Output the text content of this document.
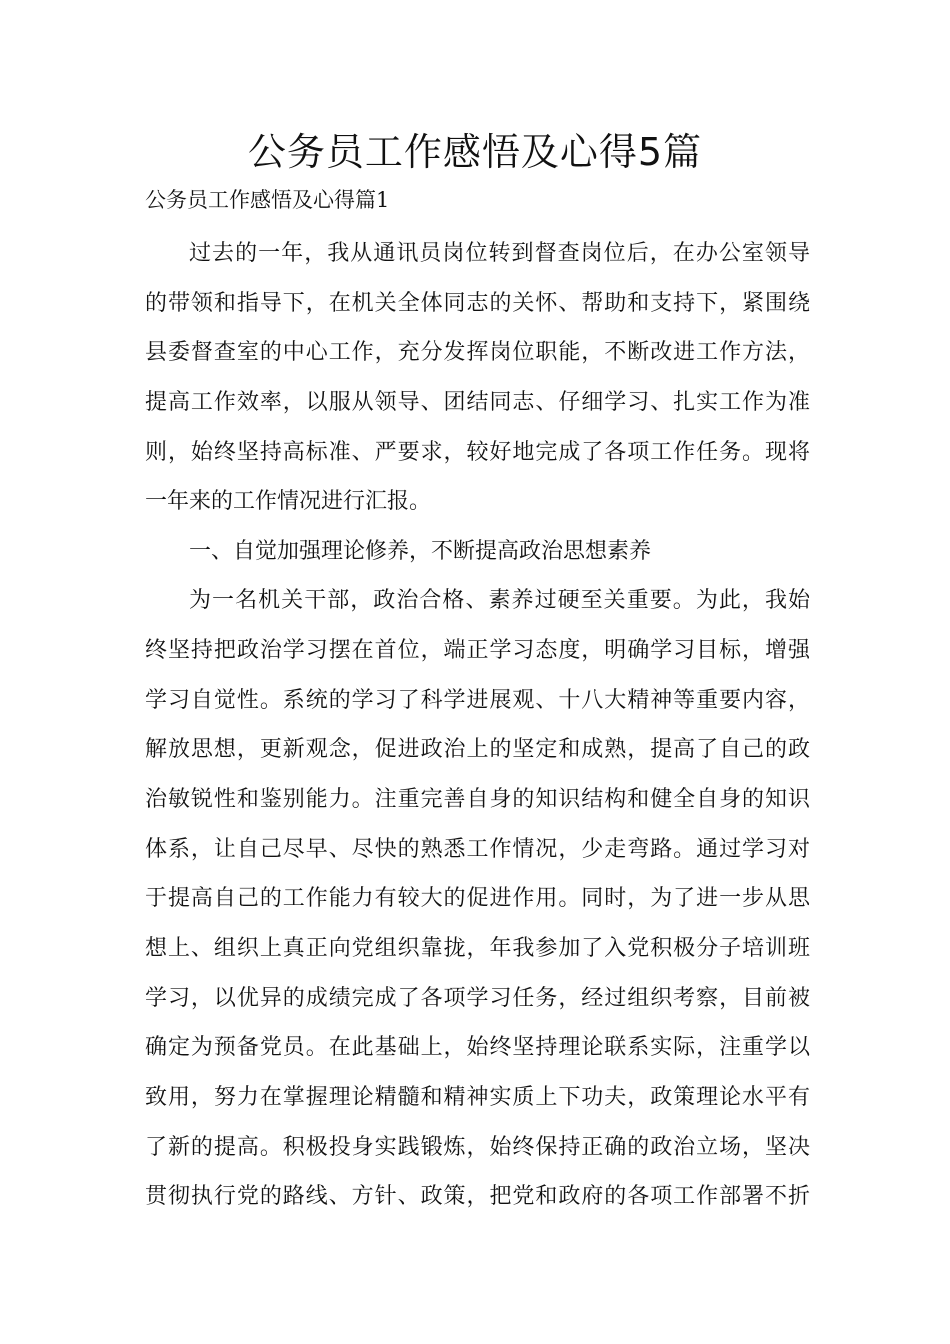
公务员工作感悟及心得5篇

公务员工作感悟及心得篇1

过去的一年，我从通讯员岗位转到督查岗位后，在办公室领导
的带领和指导下，在机关全体同志的关怀、帮助和支持下，紧围绕
县委督查室的中心工作，充分发挥岗位职能，不断改进工作方法，
提高工作效率，以服从领导、团结同志、仔细学习、扎实工作为准
则，始终坚持高标准、严要求，较好地完成了各项工作任务。现将
一年来的工作情况进行汇报。
一、自觉加强理论修养，不断提高政治思想素养
为一名机关干部，政治合格、素养过硬至关重要。为此，我始
终坚持把政治学习摆在首位，端正学习态度，明确学习目标，增强
学习自觉性。系统的学习了科学进展观、十八大精神等重要内容，
解放思想，更新观念，促进政治上的坚定和成熟，提高了自己的政
治敏锐性和鉴别能力。注重完善自身的知识结构和健全自身的知识
体系，让自己尽早、尽快的熟悉工作情况，少走弯路。通过学习对
于提高自己的工作能力有较大的促进作用。同时，为了进一步从思
想上、组织上真正向党组织靠拢，年我参加了入党积极分子培训班
学习，以优异的成绩完成了各项学习任务，经过组织考察，目前被
确定为预备党员。在此基础上，始终坚持理论联系实际，注重学以
致用，努力在掌握理论精髓和精神实质上下功夫，政策理论水平有
了新的提高。积极投身实践锻炼，始终保持正确的政治立场，坚决
贯彻执行党的路线、方针、政策，把党和政府的各项工作部署不折
